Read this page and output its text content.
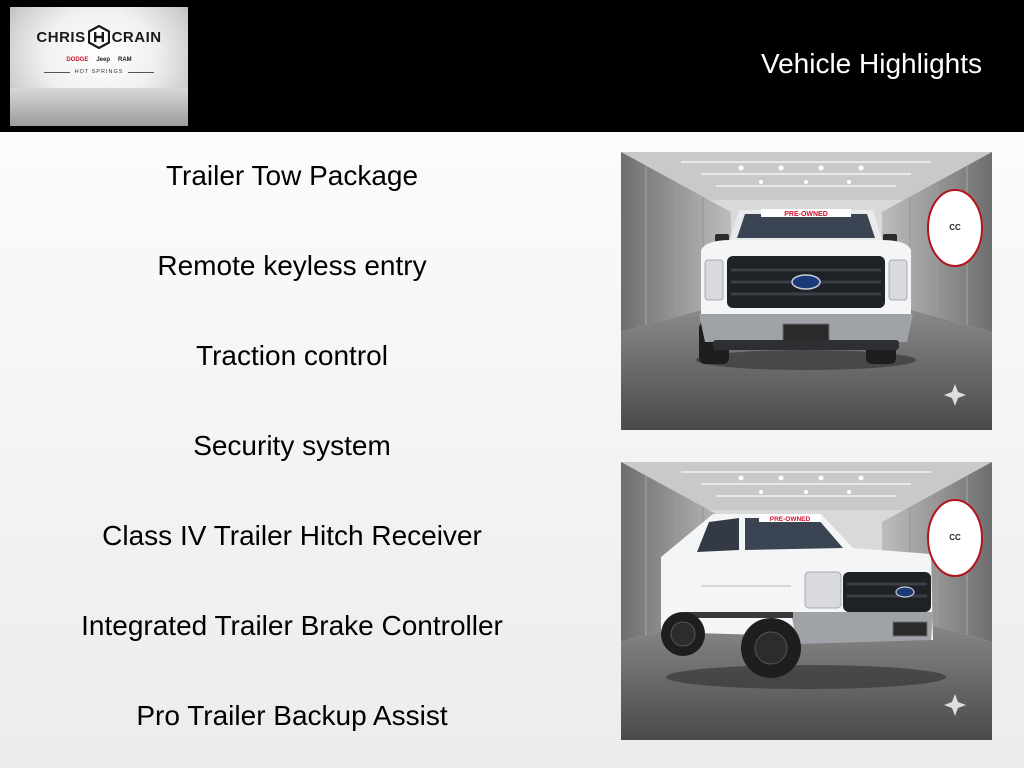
CHRIS CRAIN
DODGE Jeep RAM
HOT SPRINGS	Vehicle Highlights
Trailer Tow Package
Remote keyless entry
Traction control
Security system
Class IV Trailer Hitch Receiver
Integrated Trailer Brake Controller
Pro Trailer Backup Assist
PRE-OWNED
CC
PRE-OWNED
CC
